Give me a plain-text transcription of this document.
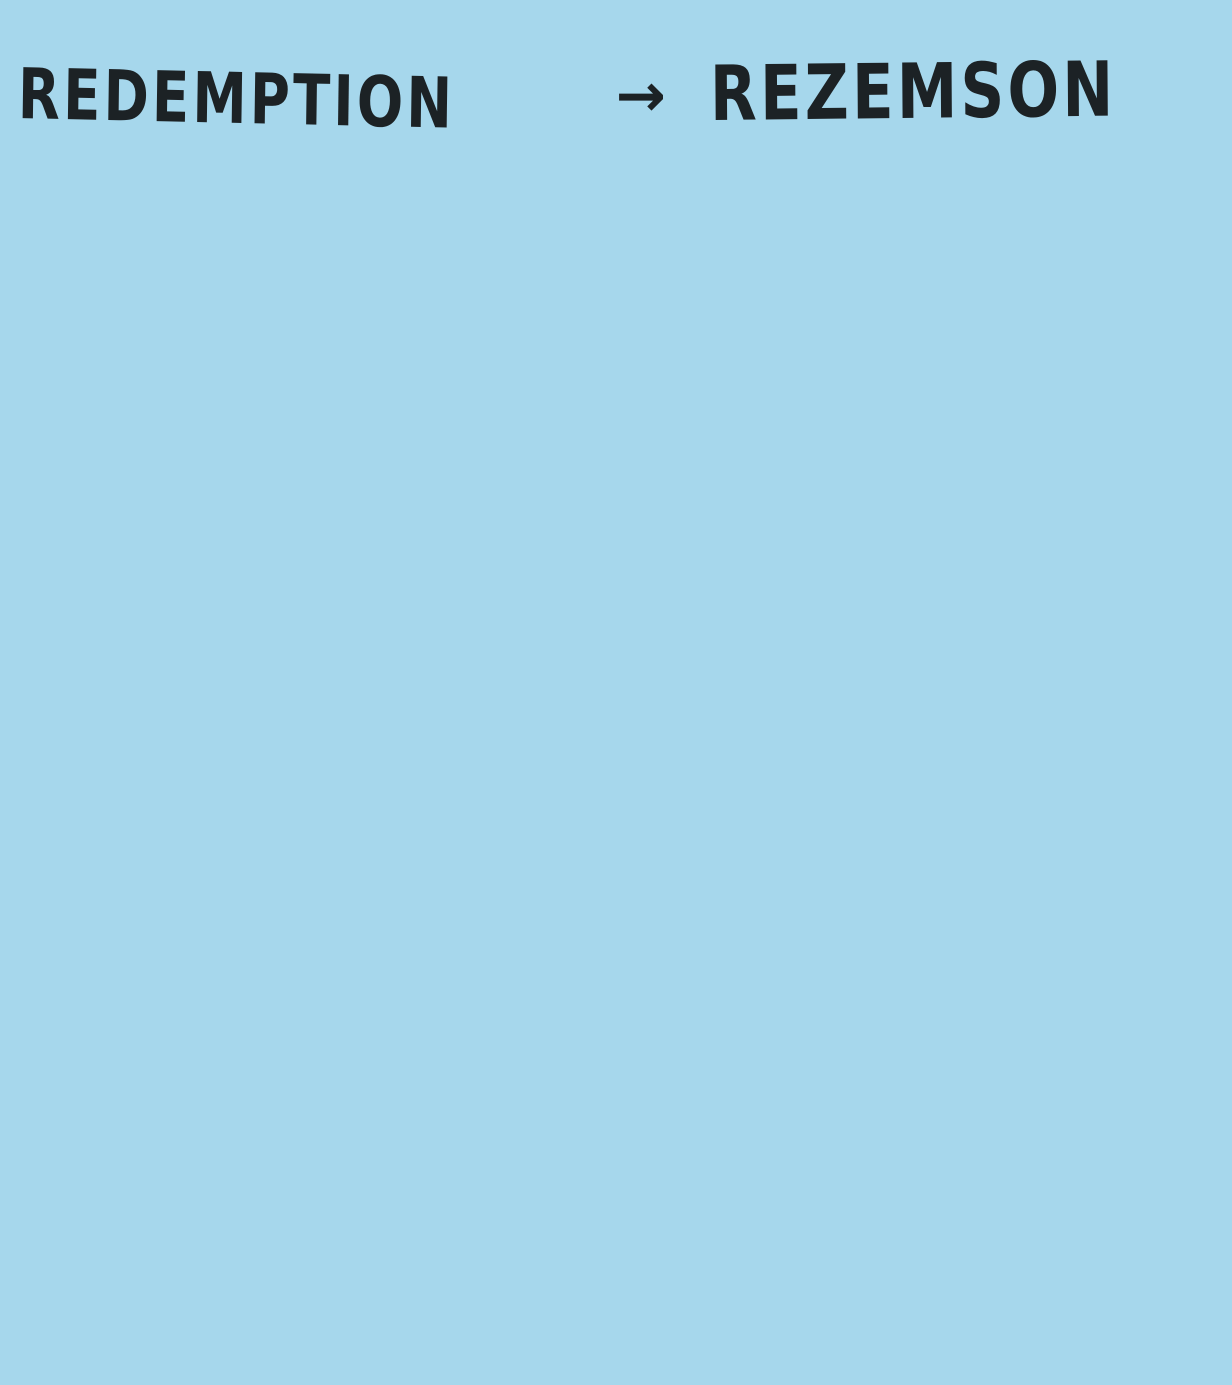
REDEMPTION	→ REZEMSON
